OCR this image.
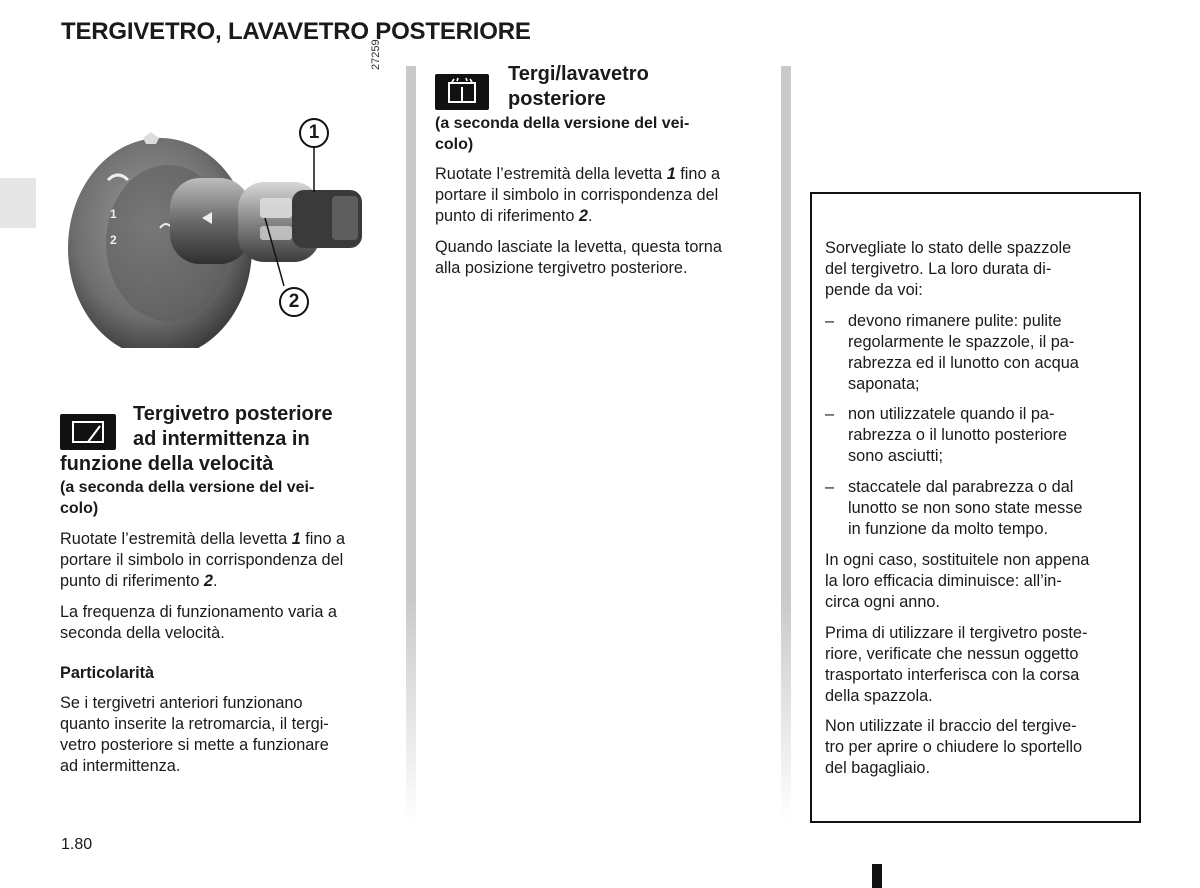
TERGIVETRO, LAVAVETRO POSTERIORE
1
2
27259
1
2
Tergivetro posteriore
ad intermittenza in
funzione della velocità
(a seconda della versione del vei-
colo)
Ruotate l’estremità della levetta 1 fino a
portare il simbolo in corrispondenza del
punto di riferimento 2.
La frequenza di funzionamento varia a
seconda della velocità.
Particolarità
Se i tergivetri anteriori funzionano
quanto inserite la retromarcia, il tergi-
vetro posteriore si mette a funzionare
ad intermittenza.
Tergi/lavavetro
posteriore
(a seconda della versione del vei-
colo)
Ruotate l’estremità della levetta 1 fino a
portare il simbolo in corrispondenza del
punto di riferimento 2.
Quando lasciate la levetta, questa torna
alla posizione tergivetro posteriore.
Sorvegliate lo stato delle spazzole
del tergivetro. La loro durata di-
pende da voi:
– devono rimanere pulite: pulite
regolarmente le spazzole, il pa-
rabrezza ed il lunotto con acqua
saponata;
– non utilizzatele quando il pa-
rabrezza o il lunotto posteriore
sono asciutti;
– staccatele dal parabrezza o dal
lunotto se non sono state messe
in funzione da molto tempo.
In ogni caso, sostituitele non appena
la loro efficacia diminuisce: all’in-
circa ogni anno.
Prima di utilizzare il tergivetro poste-
riore, verificate che nessun oggetto
trasportato interferisca con la corsa
della spazzola.
Non utilizzate il braccio del tergive-
tro per aprire o chiudere lo sportello
del bagagliaio.
1.80
